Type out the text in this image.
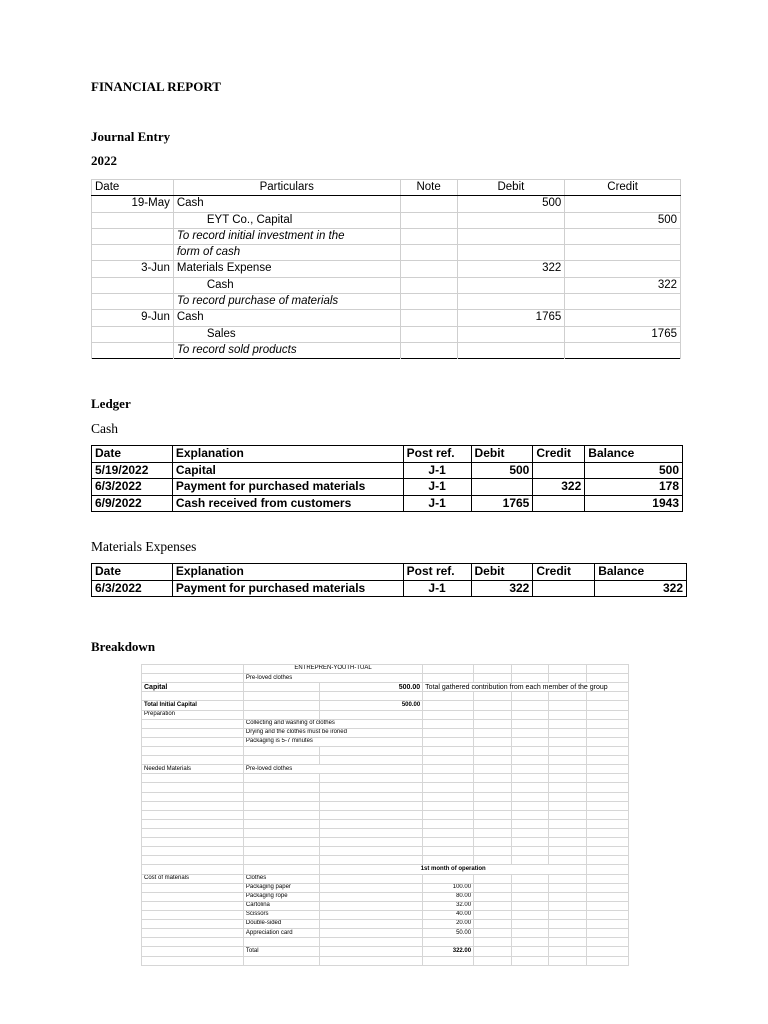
FINANCIAL REPORT
Journal Entry
2022
Date	Particulars	Note	Debit	Credit
19-May	Cash		500	
	EYT Co., Capital			500
	To record initial investment in the			
	form of cash			
3-Jun	Materials Expense		322	
	Cash			322
	To record purchase of materials			
9-Jun	Cash		1765	
	Sales			1765
	To record sold products			
Ledger
Cash
Date	Explanation	Post ref.	Debit	Credit	Balance
5/19/2022	Capital	J-1	500		500
6/3/2022	Payment for purchased materials	J-1		322	178
6/9/2022	Cash received from customers	J-1	1765		1943
Materials Expenses
Date	Explanation	Post ref.	Debit	Credit	Balance
6/3/2022	Payment for purchased materials	J-1	322		322
Breakdown
	ENTREPREN-YOUTH-TUAL						
	Pre-loved clothes						
Capital		500.00	Total gathered contribution from each member of the group				

Total Initial Capital		500.00					
Preparation							
	Collecting and washing of clothes						
	Drying and the clothes must be ironed						
	Packaging is 5-7 minutes						

Needed Materials	Pre-loved clothes						

		1st month of operation					
Cost of materials	Clothes						
	Packaging paper		100.00				
	Packaging rope		80.00				
	Cartolina		32.00				
	Scissors		40.00				
	Double-sided		20.00				
	Appreciation card		50.00				

	Total		322.00				
